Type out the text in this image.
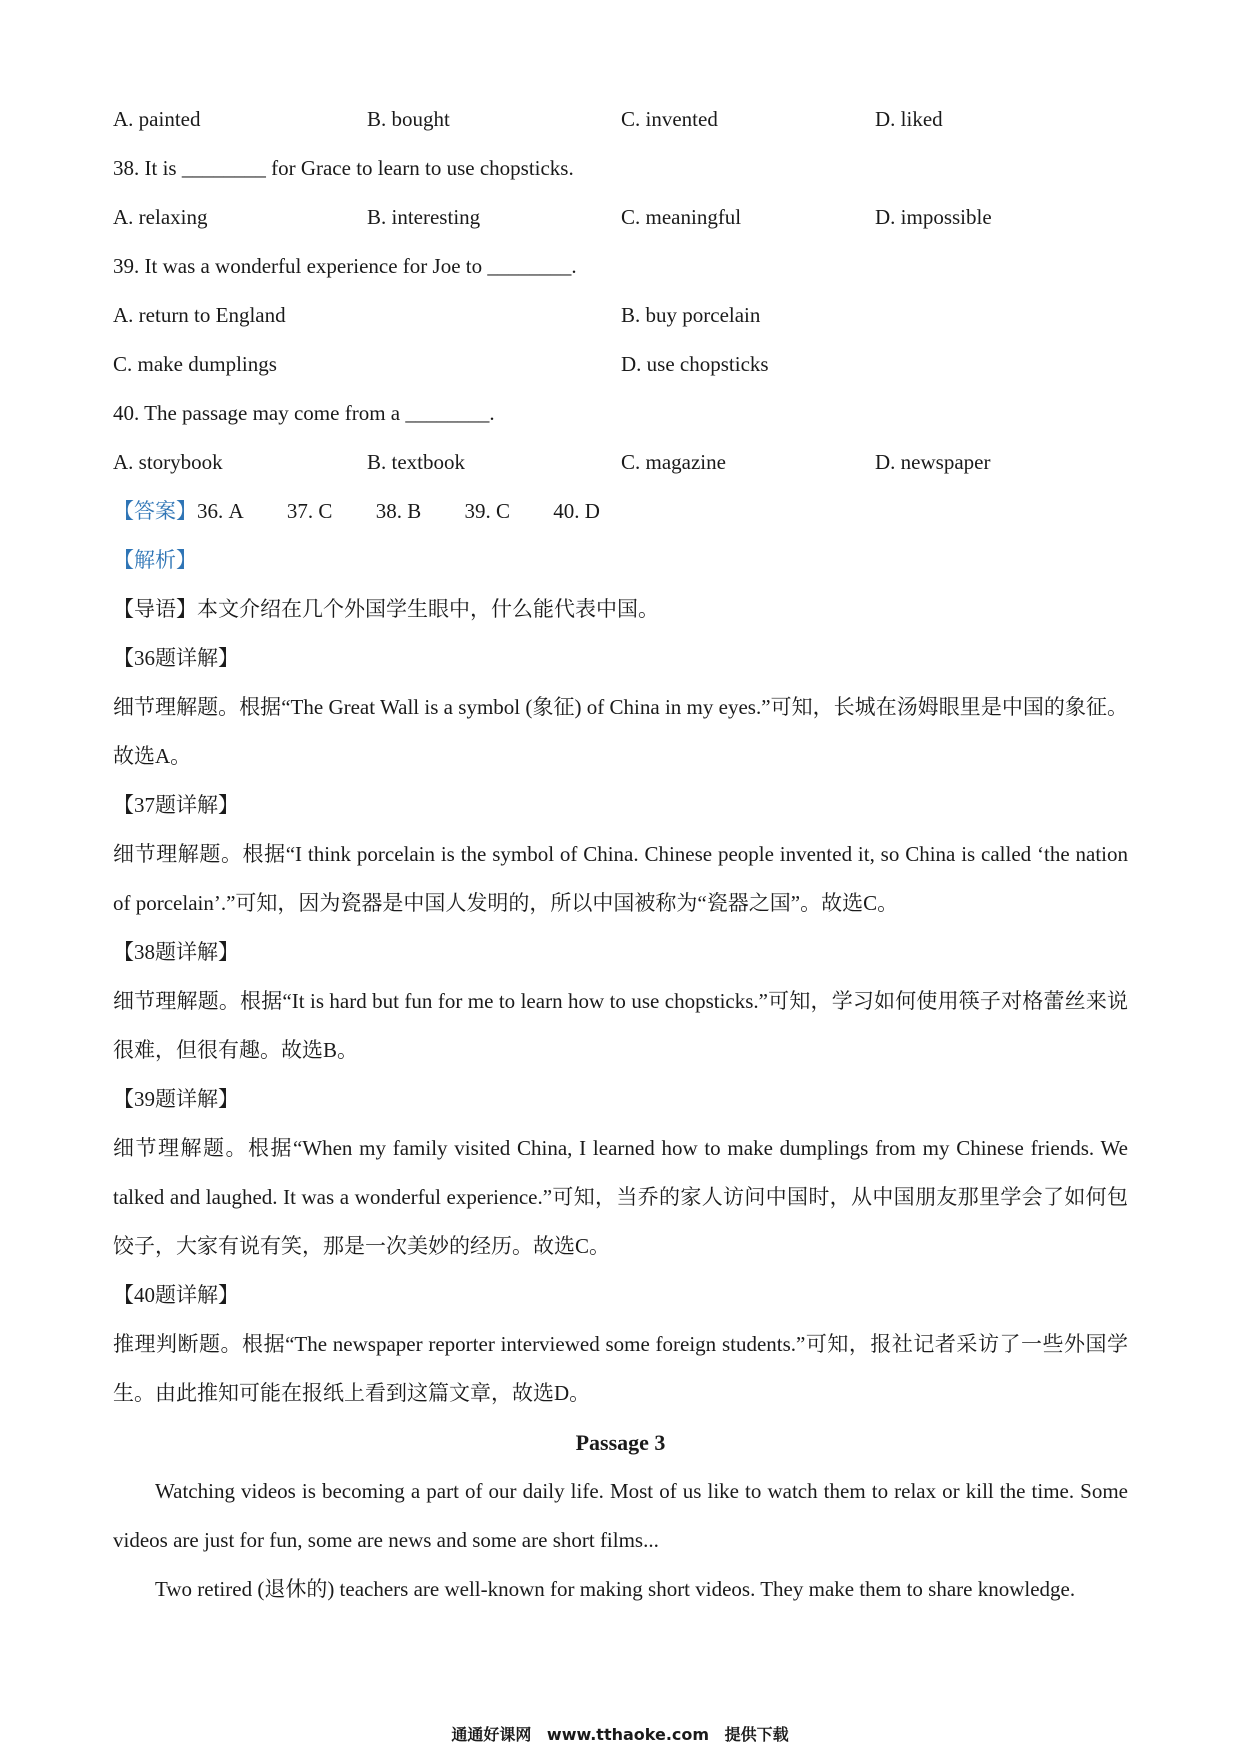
A. painted	B. bought	C. invented	D. liked
38. It is ________ for Grace to learn to use chopsticks.
A. relaxing	B. interesting	C. meaningful	D. impossible
39. It was a wonderful experience for Joe to ________.
A. return to England	B. buy porcelain
C. make dumplings	D. use chopsticks
40. The passage may come from a ________.
A. storybook	B. textbook	C. magazine	D. newspaper
【答案】36. A 37. C 38. B 39. C 40. D
【解析】
【导语】本文介绍在几个外国学生眼中，什么能代表中国。
【36题详解】
细节理解题。根据“The Great Wall is a symbol (象征) of China in my eyes.”可知，长城在汤姆眼里是中国的象征。故选A。
【37题详解】
细节理解题。根据“I think porcelain is the symbol of China. Chinese people invented it, so China is called ‘the nation of porcelain’.”可知，因为瓷器是中国人发明的，所以中国被称为“瓷器之国”。故选C。
【38题详解】
细节理解题。根据“It is hard but fun for me to learn how to use chopsticks.”可知，学习如何使用筷子对格蕾丝来说很难，但很有趣。故选B。
【39题详解】
细节理解题。根据“When my family visited China, I learned how to make dumplings from my Chinese friends. We talked and laughed. It was a wonderful experience.”可知，当乔的家人访问中国时，从中国朋友那里学会了如何包饺子，大家有说有笑，那是一次美妙的经历。故选C。
【40题详解】
推理判断题。根据“The newspaper reporter interviewed some foreign students.”可知，报社记者采访了一些外国学生。由此推知可能在报纸上看到这篇文章，故选D。
Passage 3
Watching videos is becoming a part of our daily life. Most of us like to watch them to relax or kill the time. Some videos are just for fun, some are news and some are short films...
Two retired (退休的) teachers are well-known for making short videos. They make them to share knowledge.
通通好课网 www.tthaoke.com 提供下载
